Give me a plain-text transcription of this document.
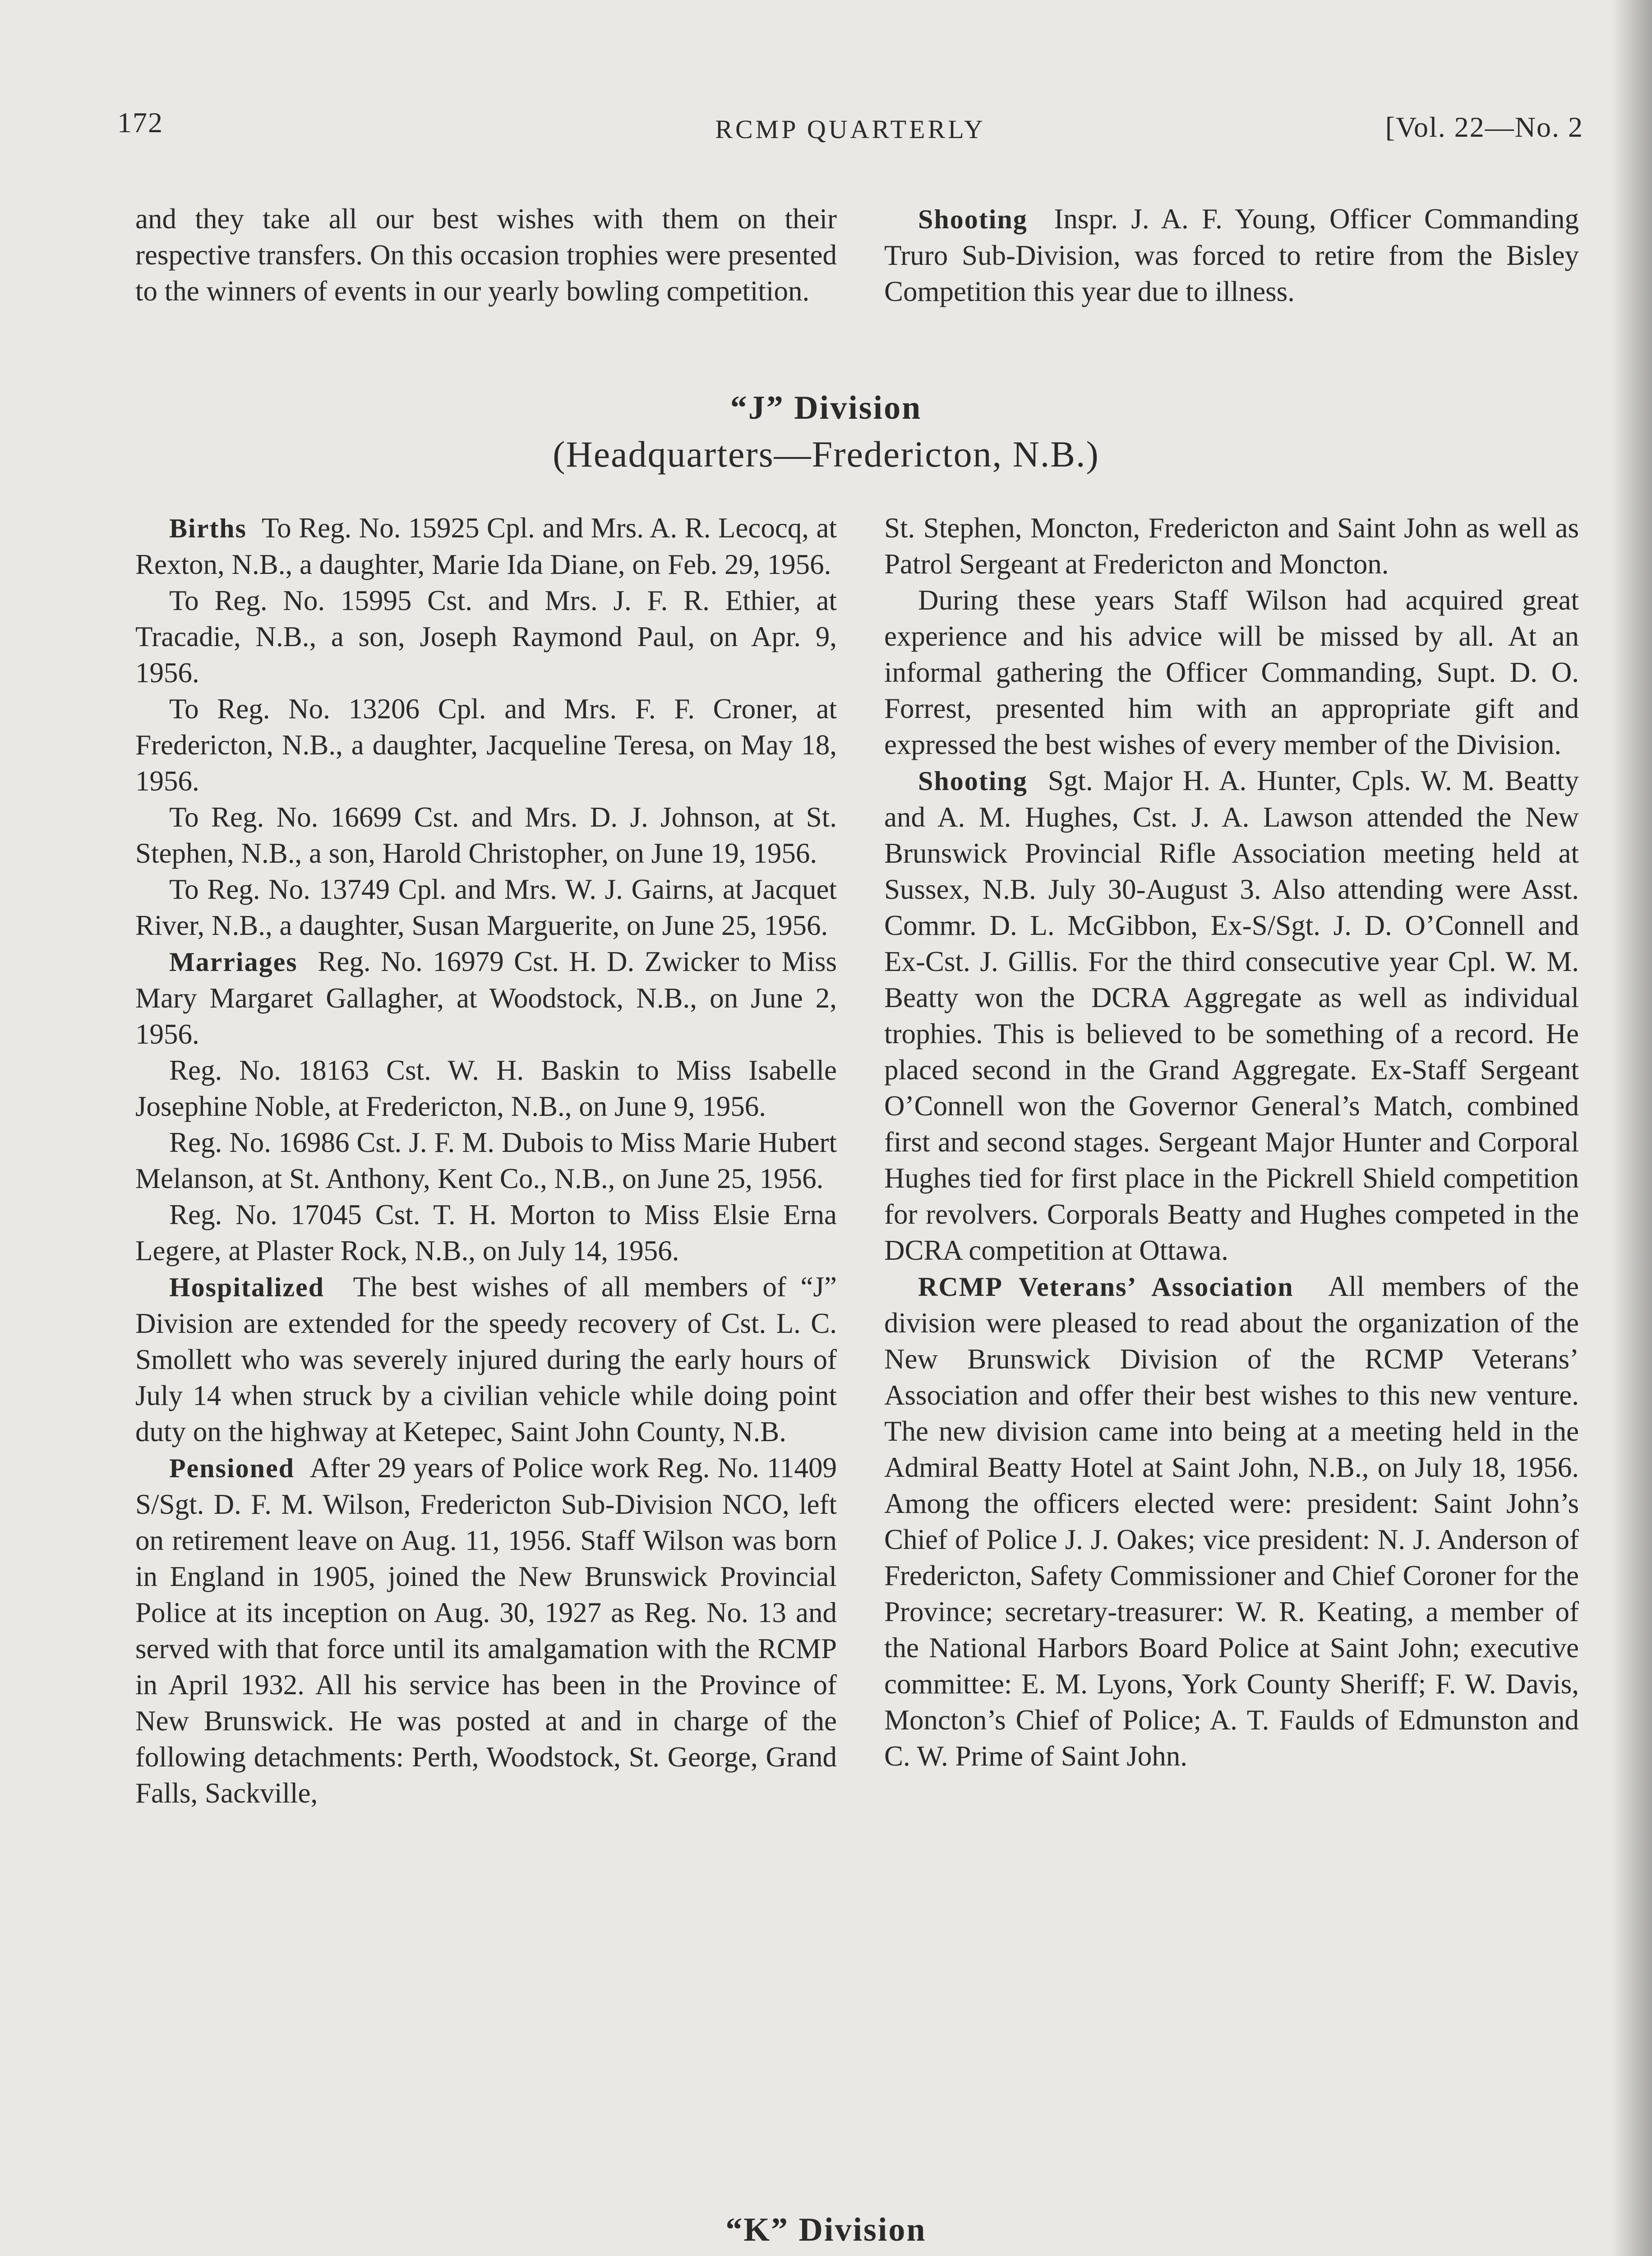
172	RCMP QUARTERLY	[Vol. 22—No. 2

and they take all our best wishes with them on their respective transfers. On this occasion trophies were presented to the winners of events in our yearly bowling competition.

Shooting Inspr. J. A. F. Young, Officer Commanding Truro Sub-Division, was forced to retire from the Bisley Competition this year due to illness.

“J” Division
(Headquarters—Fredericton, N.B.)

Births To Reg. No. 15925 Cpl. and Mrs. A. R. Lecocq, at Rexton, N.B., a daughter, Marie Ida Diane, on Feb. 29, 1956.

To Reg. No. 15995 Cst. and Mrs. J. F. R. Ethier, at Tracadie, N.B., a son, Joseph Raymond Paul, on Apr. 9, 1956.

To Reg. No. 13206 Cpl. and Mrs. F. F. Croner, at Fredericton, N.B., a daughter, Jacqueline Teresa, on May 18, 1956.

To Reg. No. 16699 Cst. and Mrs. D. J. Johnson, at St. Stephen, N.B., a son, Harold Christopher, on June 19, 1956.

To Reg. No. 13749 Cpl. and Mrs. W. J. Gairns, at Jacquet River, N.B., a daughter, Susan Marguerite, on June 25, 1956.

Marriages Reg. No. 16979 Cst. H. D. Zwicker to Miss Mary Margaret Gallagher, at Woodstock, N.B., on June 2, 1956.

Reg. No. 18163 Cst. W. H. Baskin to Miss Isabelle Josephine Noble, at Fredericton, N.B., on June 9, 1956.

Reg. No. 16986 Cst. J. F. M. Dubois to Miss Marie Hubert Melanson, at St. Anthony, Kent Co., N.B., on June 25, 1956.

Reg. No. 17045 Cst. T. H. Morton to Miss Elsie Erna Legere, at Plaster Rock, N.B., on July 14, 1956.

Hospitalized The best wishes of all members of “J” Division are extended for the speedy recovery of Cst. L. C. Smollett who was severely injured during the early hours of July 14 when struck by a civilian vehicle while doing point duty on the highway at Ketepec, Saint John County, N.B.

Pensioned After 29 years of Police work Reg. No. 11409 S/Sgt. D. F. M. Wilson, Fredericton Sub-Division NCO, left on retirement leave on Aug. 11, 1956. Staff Wilson was born in England in 1905, joined the New Brunswick Provincial Police at its inception on Aug. 30, 1927 as Reg. No. 13 and served with that force until its amalgamation with the RCMP in April 1932. All his service has been in the Province of New Brunswick. He was posted at and in charge of the following detachments: Perth, Woodstock, St. George, Grand Falls, Sackville,

St. Stephen, Moncton, Fredericton and Saint John as well as Patrol Sergeant at Fredericton and Moncton.

During these years Staff Wilson had acquired great experience and his advice will be missed by all. At an informal gathering the Officer Commanding, Supt. D. O. Forrest, presented him with an appropriate gift and expressed the best wishes of every member of the Division.

Shooting Sgt. Major H. A. Hunter, Cpls. W. M. Beatty and A. M. Hughes, Cst. J. A. Lawson attended the New Brunswick Provincial Rifle Association meeting held at Sussex, N.B. July 30-August 3. Also attending were Asst. Commr. D. L. McGibbon, Ex-S/Sgt. J. D. O’Connell and Ex-Cst. J. Gillis. For the third consecutive year Cpl. W. M. Beatty won the DCRA Aggregate as well as individual trophies. This is believed to be something of a record. He placed second in the Grand Aggregate. Ex-Staff Sergeant O’Connell won the Governor General’s Match, combined first and second stages. Sergeant Major Hunter and Corporal Hughes tied for first place in the Pickrell Shield competition for revolvers. Corporals Beatty and Hughes competed in the DCRA competition at Ottawa.

RCMP Veterans’ Association All members of the division were pleased to read about the organization of the New Brunswick Division of the RCMP Veterans’ Association and offer their best wishes to this new venture. The new division came into being at a meeting held in the Admiral Beatty Hotel at Saint John, N.B., on July 18, 1956. Among the officers elected were: president: Saint John’s Chief of Police J. J. Oakes; vice president: N. J. Anderson of Fredericton, Safety Commissioner and Chief Coroner for the Province; secretary-treasurer: W. R. Keating, a member of the National Harbors Board Police at Saint John; executive committee: E. M. Lyons, York County Sheriff; F. W. Davis, Moncton’s Chief of Police; A. T. Faulds of Edmunston and C. W. Prime of Saint John.

“K” Division
